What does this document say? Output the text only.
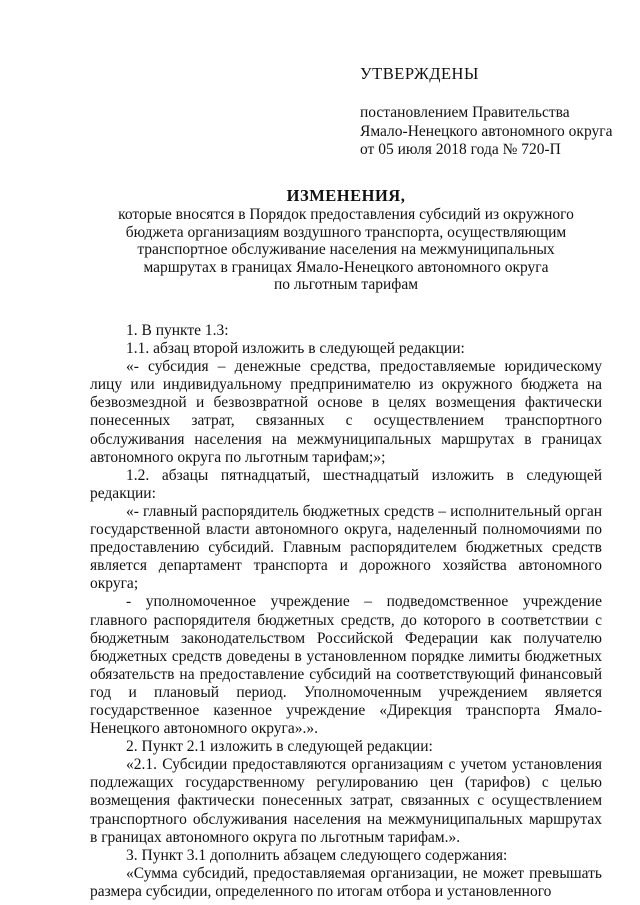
УТВЕРЖДЕНЫ
постановлением Правительства
Ямало-Ненецкого автономного округа
от 05 июля 2018 года № 720-П
ИЗМЕНЕНИЯ,
которые вносятся в Порядок предоставления субсидий из окружного
бюджета организациям воздушного транспорта, осуществляющим
транспортное обслуживание населения на межмуниципальных
маршрутах в границах Ямало-Ненецкого автономного округа
по льготным тарифам

1. В пункте 1.3:

1.1. абзац второй изложить в следующей редакции:

«- субсидия – денежные средства, предоставляемые юридическому лицу или индивидуальному предпринимателю из окружного бюджета на безвозмездной и безвозвратной основе в целях возмещения фактически понесенных затрат, связанных с осуществлением транспортного обслуживания населения на межмуниципальных маршрутах в границах автономного округа по льготным тарифам;»;

1.2. абзацы пятнадцатый, шестнадцатый изложить в следующей редакции:

«- главный распорядитель бюджетных средств – исполнительный орган государственной власти автономного округа, наделенный полномочиями по предоставлению субсидий. Главным распорядителем бюджетных средств является департамент транспорта и дорожного хозяйства автономного округа;

- уполномоченное учреждение – подведомственное учреждение главного распорядителя бюджетных средств, до которого в соответствии с бюджетным законодательством Российской Федерации как получателю бюджетных средств доведены в установленном порядке лимиты бюджетных обязательств на предоставление субсидий на соответствующий финансовый год и плановый период. Уполномоченным учреждением является государственное казенное учреждение «Дирекция транспорта Ямало-Ненецкого автономного округа».».

2. Пункт 2.1 изложить в следующей редакции:

«2.1. Субсидии предоставляются организациям с учетом установления подлежащих государственному регулированию цен (тарифов) с целью возмещения фактически понесенных затрат, связанных с осуществлением транспортного обслуживания населения на межмуниципальных маршрутах в границах автономного округа по льготным тарифам.».

3. Пункт 3.1 дополнить абзацем следующего содержания:

«Сумма субсидий, предоставляемая организации, не может превышать размера субсидии, определенного по итогам отбора и установленного
